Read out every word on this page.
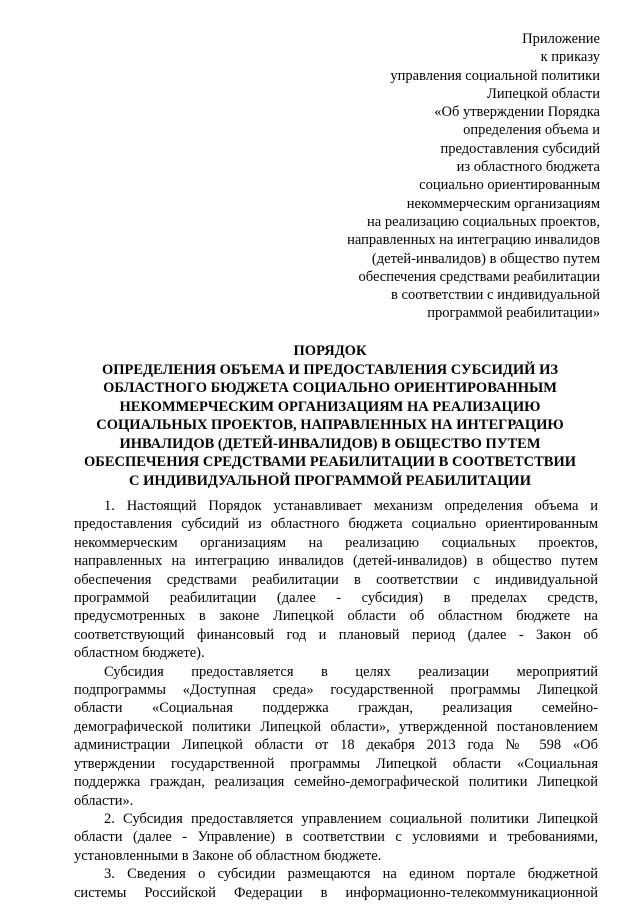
Приложение
к приказу
управления социальной политики
Липецкой области
«Об утверждении Порядка
определения объема и
предоставления субсидий
из областного бюджета
социально ориентированным
некоммерческим организациям
на реализацию социальных проектов,
направленных на интеграцию инвалидов
(детей-инвалидов) в общество путем
обеспечения средствами реабилитации
в соответствии с индивидуальной
программой реабилитации»
ПОРЯДОК
ОПРЕДЕЛЕНИЯ ОБЪЕМА И ПРЕДОСТАВЛЕНИЯ СУБСИДИЙ ИЗ
ОБЛАСТНОГО БЮДЖЕТА СОЦИАЛЬНО ОРИЕНТИРОВАННЫМ
НЕКОММЕРЧЕСКИМ ОРГАНИЗАЦИЯМ НА РЕАЛИЗАЦИЮ
СОЦИАЛЬНЫХ ПРОЕКТОВ, НАПРАВЛЕННЫХ НА ИНТЕГРАЦИЮ
ИНВАЛИДОВ (ДЕТЕЙ-ИНВАЛИДОВ) В ОБЩЕСТВО ПУТЕМ
ОБЕСПЕЧЕНИЯ СРЕДСТВАМИ РЕАБИЛИТАЦИИ В СООТВЕТСТВИИ
С ИНДИВИДУАЛЬНОЙ ПРОГРАММОЙ РЕАБИЛИТАЦИИ
1. Настоящий Порядок устанавливает механизм определения объема и
предоставления субсидий из областного бюджета социально ориентированным
некоммерческим организациям на реализацию социальных проектов,
направленных на интеграцию инвалидов (детей-инвалидов) в общество путем
обеспечения средствами реабилитации в соответствии с индивидуальной
программой реабилитации (далее - субсидия) в пределах средств,
предусмотренных в законе Липецкой области об областном бюджете на
соответствующий финансовый год и плановый период (далее - Закон об
областном бюджете).
Субсидия предоставляется в целях реализации мероприятий
подпрограммы «Доступная среда» государственной программы Липецкой
области «Социальная поддержка граждан, реализация семейно-
демографической политики Липецкой области», утвержденной постановлением
администрации Липецкой области от 18 декабря 2013 года № 598 «Об
утверждении государственной программы Липецкой области «Социальная
поддержка граждан, реализация семейно-демографической политики Липецкой
области».
2. Субсидия предоставляется управлением социальной политики Липецкой
области (далее - Управление) в соответствии с условиями и требованиями,
установленными в Законе об областном бюджете.
3. Сведения о субсидии размещаются на едином портале бюджетной
системы Российской Федерации в информационно-телекоммуникационной
